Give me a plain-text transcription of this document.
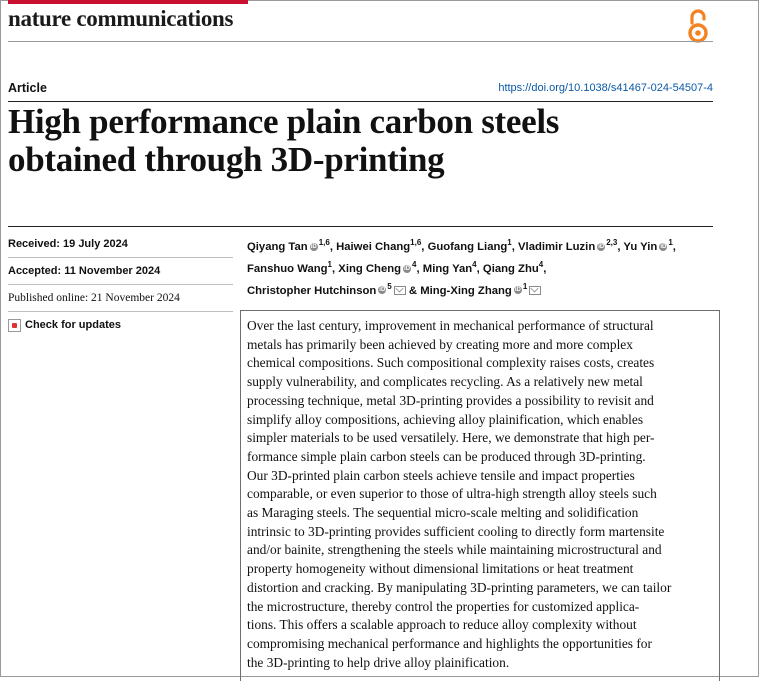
nature communications
Article	https://doi.org/10.1038/s41467-024-54507-4
High performance plain carbon steels
obtained through 3D-printing
Received: 19 July 2024
Accepted: 11 November 2024
Published online: 21 November 2024
Check for updates
Qiyang Tan iD $^{1,6}$, Haiwei Chang$^{1,6}$, Guofang Liang$^1$, Vladimir Luzin iD $^{2,3}$, Yu Yin iD $^1$,
Fanshuo Wang$^1$, Xing Cheng iD $^4$, Ming Yan$^4$, Qiang Zhu$^4$,
Christopher Hutchinson iD $^5$ & Ming-Xing Zhang iD $^1$

Over the last century, improvement in mechanical performance of structural
metals has primarily been achieved by creating more and more complex
chemical compositions. Such compositional complexity raises costs, creates
supply vulnerability, and complicates recycling. As a relatively new metal
processing technique, metal 3D-printing provides a possibility to revisit and
simplify alloy compositions, achieving alloy plainification, which enables
simpler materials to be used versatilely. Here, we demonstrate that high per-
formance simple plain carbon steels can be produced through 3D-printing.
Our 3D-printed plain carbon steels achieve tensile and impact properties
comparable, or even superior to those of ultra-high strength alloy steels such
as Maraging steels. The sequential micro-scale melting and solidification
intrinsic to 3D-printing provides sufficient cooling to directly form martensite
and/or bainite, strengthening the steels while maintaining microstructural and
property homogeneity without dimensional limitations or heat treatment
distortion and cracking. By manipulating 3D-printing parameters, we can tailor
the microstructure, thereby control the properties for customized applica-
tions. This offers a scalable approach to reduce alloy complexity without
compromising mechanical performance and highlights the opportunities for
the 3D-printing to help drive alloy plainification.
